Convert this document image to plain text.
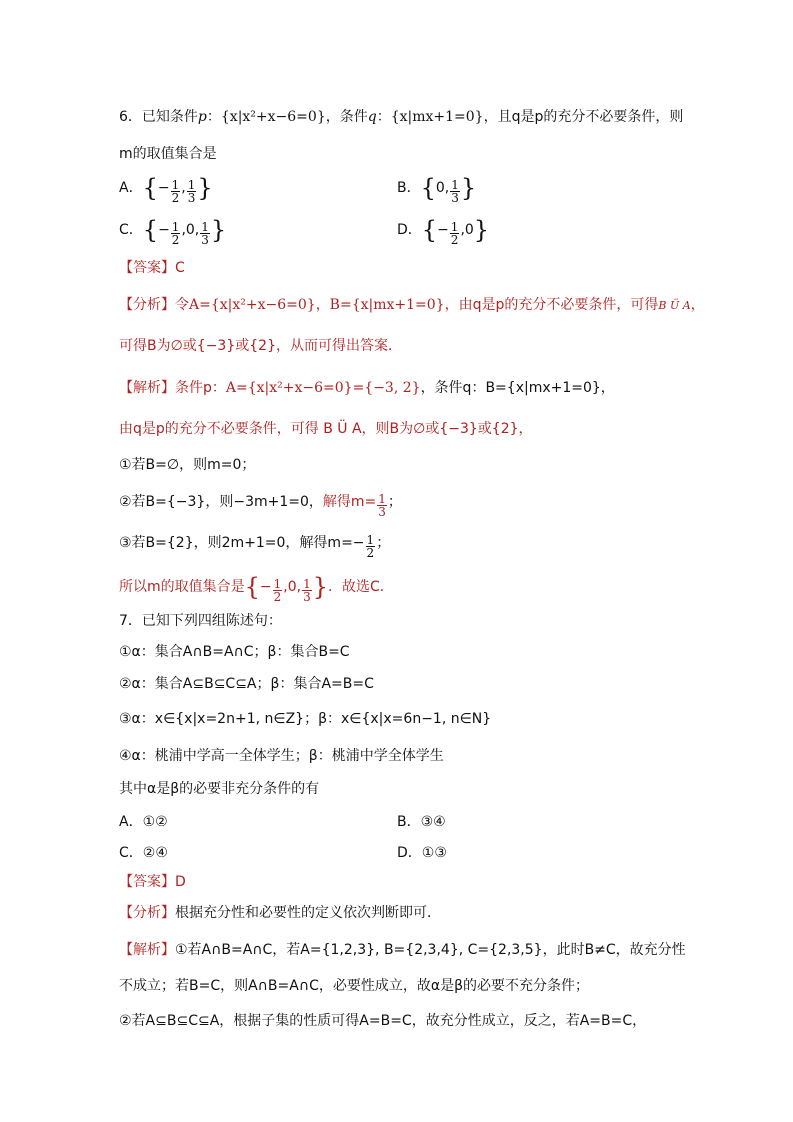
6．已知条件p：{x|x²+x−6=0}，条件q：{x|mx+1=0}，且q是p的充分不必要条件，则
m的取值集合是
A．{− $\frac{1}{2}$ , $\frac{1}{3}$ }	B．{0, $\frac{1}{3}$ }
C．{− $\frac{1}{2} ,0$, $\frac{1}{3}$ }	D．{− $\frac{1}{2} ,0$}
【答案】C
【分析】令A={x|x²+x−6=0}，B={x|mx+1=0}，由q是p的充分不必要条件，可得B Ü A，
可得B为∅或{−3}或{2}，从而可得出答案．
【解析】条件p：A={x|x²+x−6=0}={−3, 2}，条件q：B={x|mx+1=0}，
由q是p的充分不必要条件，可得 B Ü A，则B为∅或{−3}或{2}，
①若B=∅，则m=0；
②若B={−3}，则−3m+1=0，解得$m= \frac{1}{3}$ ；
③若B={2}，则2m+1=0，解得$m=- \frac{1}{2}$ ；
所以m的取值集合是{− $\frac{1}{2} ,0$, $\frac{1}{3}$ }．故选C．
7．已知下列四组陈述句：
①α：集合A∩B=A∩C；β：集合B=C
②α：集合A⊆B⊆C⊆A；β：集合A=B=C
③α：x∈{x|x=2n+1, n∈Z}；β：x∈{x|x=6n−1, n∈N}
④α：桃浦中学高一全体学生；β：桃浦中学全体学生
其中α是β的必要非充分条件的有
A．①②	B．③④
C．②④	D．①③
【答案】D
【分析】根据充分性和必要性的定义依次判断即可．
【解析】①若A∩B=A∩C，若A={1,2,3}, B={2,3,4}, C={2,3,5}，此时B≠C，故充分性
不成立；若B=C，则A∩B=A∩C，必要性成立，故α是β的必要不充分条件；
②若A⊆B⊆C⊆A，根据子集的性质可得A=B=C，故充分性成立，反之，若A=B=C，
